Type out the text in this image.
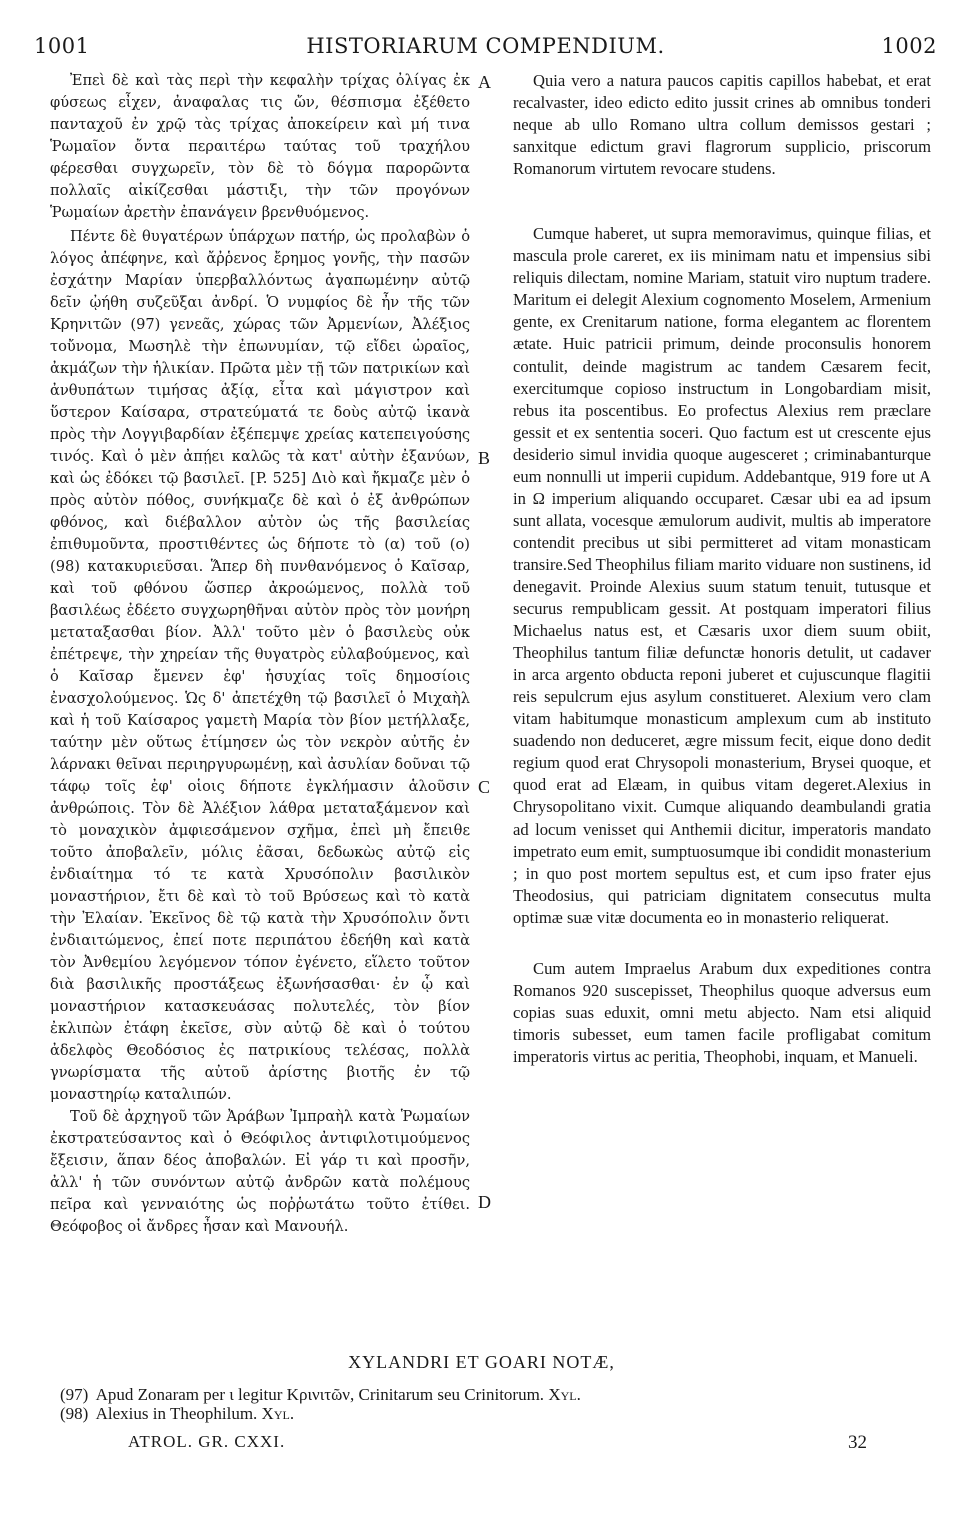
1001	HISTORIARUM COMPENDIUM.	1002

Ἐπεὶ δὲ καὶ τὰς περὶ τὴν κεφαλὴν τρίχας ὀλίγας ἐκ φύσεως εἶχεν, ἀναφαλας τις ὤν, θέσπισμα ἐξέθετο πανταχοῦ ἐν χρῷ τὰς τρίχας ἀποκείρειν καὶ μή τινα Ῥωμαῖον ὄντα περαιτέρω ταύτας τοῦ τραχήλου φέρεσθαι συγχωρεῖν, τὸν δὲ τὸ δόγμα παρορῶντα πολλαῖς αἰκίζεσθαι μάστιξι, τὴν τῶν προγόνων Ῥωμαίων ἀρετὴν ἐπανάγειν βρενθυόμενος.

Πέντε δὲ θυγατέρων ὑπάρχων πατήρ, ὡς προλαβὼν ὁ λόγος ἀπέφηνε, καὶ ἄῤῥενος ἔρημος γονῆς, τὴν πασῶν ἐσχάτην Μαρίαν ὑπερβαλλόντως ἀγαπωμένην αὐτῷ δεῖν ᾠήθη συζεῦξαι ἀνδρί. Ὁ νυμφίος δὲ ἦν τῆς τῶν Κρηνιτῶν (97) γενεᾶς, χώρας τῶν Ἀρμενίων, Ἀλέξιος τοὔνομα, Μωσηλὲ τὴν ἐπωνυμίαν, τῷ εἴδει ὡραῖος, ἀκμάζων τὴν ἡλικίαν. Πρῶτα μὲν τῇ τῶν πατρικίων καὶ ἀνθυπάτων τιμήσας ἀξίᾳ, εἶτα καὶ μάγιστρον καὶ ὕστερον Καίσαρα, στρατεύματά τε δοὺς αὐτῷ ἱκανὰ πρὸς τὴν Λογγιβαρδίαν ἐξέπεμψε χρείας κατεπειγούσης τινός. Καὶ ὁ μὲν ἀπῄει καλῶς τὰ κατ' αὐτὴν ἐξανύων, καὶ ὡς ἐδόκει τῷ βασιλεῖ. [P. 525] Διὸ καὶ ἤκμαζε μὲν ὁ πρὸς αὐτὸν πόθος, συνήκμαζε δὲ καὶ ὁ ἐξ ἀνθρώπων φθόνος, καὶ διέβαλλον αὐτὸν ὡς τῆς βασιλείας ἐπιθυμοῦντα, προστιθέντες ὡς δήποτε τὸ (α) τοῦ (ο) (98) κατακυριεῦσαι. Ἅπερ δὴ πυνθανόμενος ὁ Καῖσαρ, καὶ τοῦ φθόνου ὥσπερ ἀκροώμενος, πολλὰ τοῦ βασιλέως ἐδέετο συγχωρηθῆναι αὐτὸν πρὸς τὸν μονήρη μεταταξασθαι βίον. Ἀλλ' τοῦτο μὲν ὁ βασιλεὺς οὐκ ἐπέτρεψε, τὴν χηρείαν τῆς θυγατρὸς εὐλαβούμενος, καὶ ὁ Καῖσαρ ἔμενεν ἐφ' ἡσυχίας τοῖς δημοσίοις ἐνασχολούμενος. Ὡς δ' ἀπετέχθη τῷ βασιλεῖ ὁ Μιχαὴλ καὶ ἡ τοῦ Καίσαρος γαμετὴ Μαρία τὸν βίον μετήλλαξε, ταύτην μὲν οὕτως ἐτίμησεν ὡς τὸν νεκρὸν αὐτῆς ἐν λάρνακι θεῖναι περιηργυρωμένῃ, καὶ ἀσυλίαν δοῦναι τῷ τάφῳ τοῖς ἐφ' οἱοις δήποτε ἐγκλήμασιν ἁλοῦσιν ἀνθρώποις. Τὸν δὲ Ἀλέξιον λάθρα μεταταξάμενον καὶ τὸ μοναχικὸν ἀμφιεσάμενον σχῆμα, ἐπεὶ μὴ ἔπειθε τοῦτο ἀποβαλεῖν, μόλις ἐᾶσαι, δεδωκὼς αὐτῷ εἰς ἐνδιαίτημα τό τε κατὰ Χρυσόπολιν βασιλικὸν μοναστήριον, ἔτι δὲ καὶ τὸ τοῦ Βρύσεως καὶ τὸ κατὰ τὴν Ἐλαίαν. Ἐκεῖνος δὲ τῷ κατὰ τὴν Χρυσόπολιν ὄντι ἐνδιαιτώμενος, ἐπεί ποτε περιπάτου ἐδεήθη καὶ κατὰ τὸν Ἀνθεμίου λεγόμενον τόπον ἐγένετο, εἵλετο τοῦτον διὰ βασιλικῆς προστάξεως ἐξωνήσασθαι· ἐν ᾧ καὶ μοναστήριον κατασκευάσας πολυτελές, τὸν βίον ἐκλιπὼν ἐτάφη ἐκεῖσε, σὺν αὐτῷ δὲ καὶ ὁ τούτου ἀδελφὸς Θεοδόσιος ἐς πατρικίους τελέσας, πολλὰ γνωρίσματα τῆς αὐτοῦ ἀρίστης βιοτῆς ἐν τῷ μοναστηρίῳ καταλιπών.

Τοῦ δὲ ἀρχηγοῦ τῶν Ἀράβων Ἰμπραὴλ κατὰ Ῥωμαίων ἐκστρατεύσαντος καὶ ὁ Θεόφιλος ἀντιφιλοτιμούμενος ἔξεισιν, ἅπαν δέος ἀποβαλών. Εἰ γάρ τι καὶ προσῆν, ἀλλ' ἡ τῶν συνόντων αὐτῷ ἀνδρῶν κατὰ πολέμους πεῖρα καὶ γενναιότης ὡς ποῤῥωτάτω τοῦτο ἐτίθει. Θεόφοβος οἱ ἄνδρες ἦσαν καὶ Μανουήλ.

Quia vero a natura paucos capitis capillos habebat, et erat recalvaster, ideo edicto edito jussit crines ab omnibus tonderi neque ab ullo Romano ultra collum demissos gestari ; sanxitque edictum gravi flagrorum supplicio, priscorum Romanorum virtutem revocare studens.

Cumque haberet, ut supra memoravimus, quinque filias, et mascula prole careret, ex iis minimam natu et impensius sibi reliquis dilectam, nomine Mariam, statuit viro nuptum tradere. Maritum ei delegit Alexium cognomento Moselem, Armenium gente, ex Crenitarum natione, forma elegantem ac florentem ætate. Huic patricii primum, deinde proconsulis honorem contulit, deinde magistrum ac tandem Cæsarem fecit, exercitumque copioso instructum in Longobardiam misit, rebus ita poscentibus. Eo profectus Alexius rem præclare gessit et ex sententia soceri. Quo factum est ut crescente ejus desiderio simul invidia quoque augesceret ; criminabanturque eum nonnulli ut imperii cupidum. Addebantque, 919 fore ut A in Ω imperium aliquando occuparet. Cæsar ubi ea ad ipsum sunt allata, vocesque æmulorum audivit, multis ab imperatore contendit precibus ut sibi permitteret ad vitam monasticam transire.Sed Theophilus filiam marito viduare non sustinens, id denegavit. Proinde Alexius suum statum tenuit, tutusque et securus rempublicam gessit. At postquam imperatori filius Michaelus natus est, et Cæsaris uxor diem suum obiit, Theophilus tantum filiæ defunctæ honoris detulit, ut cadaver in arca argento obducta reponi juberet et cujuscunque flagitii reis sepulcrum ejus asylum constitueret. Alexium vero clam vitam habitumque monasticum amplexum cum ab instituto suadendo non deduceret, ægre missum fecit, eique dono dedit regium quod erat Chrysopoli monasterium, Brysei quoque, et quod erat ad Elæam, in quibus vitam degeret.Alexius in Chrysopolitano vixit. Cumque aliquando deambulandi gratia ad locum venisset qui Anthemii dicitur, imperatoris mandato impetrato eum emit, sumptuosumque ibi condidit monasterium ; in quo post mortem sepultus est, et cum ipso frater ejus Theodosius, qui patriciam dignitatem consecutus multa optimæ suæ vitæ documenta eo in monasterio reliquerat.

Cum autem Impraelus Arabum dux expeditiones contra Romanos 920 suscepisset, Theophilus quoque adversus eum copias suas eduxit, omni metu abjecto. Nam etsi aliquid timoris subesset, eum tamen facile profligabat comitum imperatoris virtus ac peritia, Theophobi, inquam, et Manueli.

A
B
C
D
XYLANDRI ET GOARI NOTÆ,

(97) Apud Zonaram per ι legitur Κρινιτῶν, Crinitarum seu Crinitorum. Xyl.

(98) Alexius in Theophilum. Xyl.

ATROL. GR. CXXI.	32
